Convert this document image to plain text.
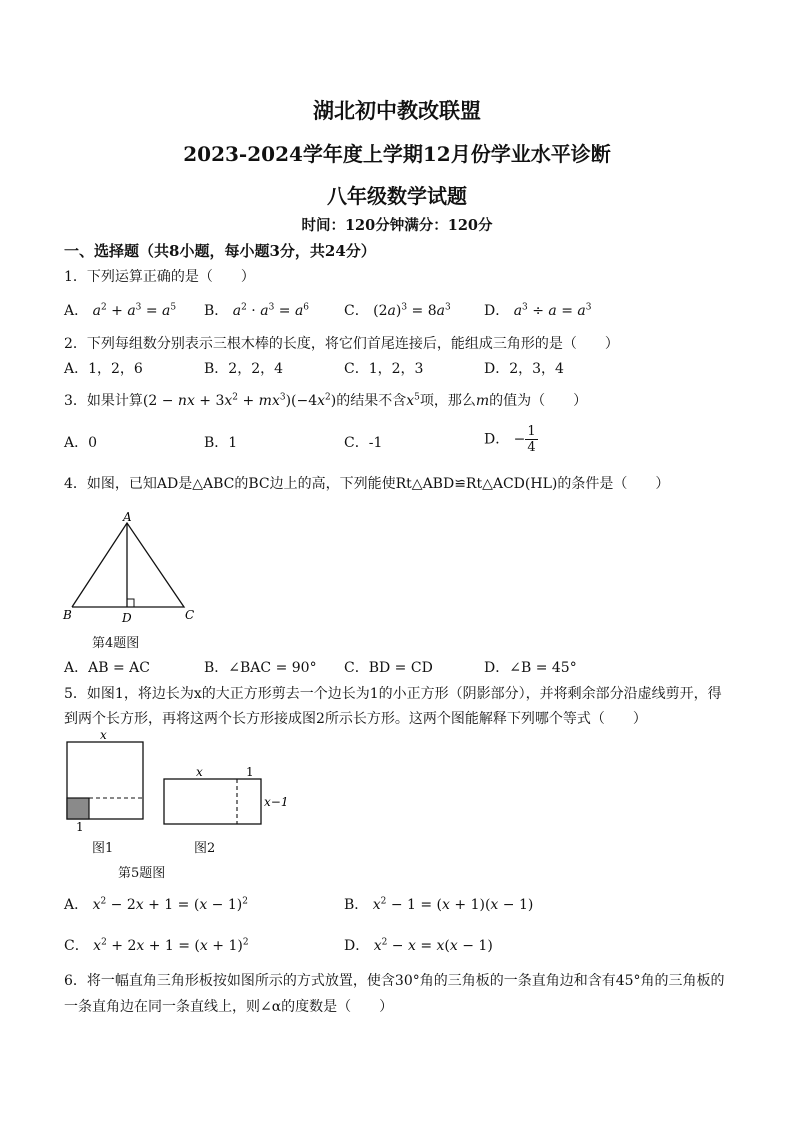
湖北初中教改联盟
2023-2024学年度上学期12月份学业水平诊断
八年级数学试题
时间：120分钟满分：120分
一、选择题（共8小题，每小题3分，共24分）
1．下列运算正确的是（　　）
A． $a^2 + a^3 = a^5$ B． $a^2 \cdot a^3 = a^6$ C． $(2a)^3 = 8a^3$ D． $a^3 \div a = a^3$
2．下列每组数分别表示三根木棒的长度，将它们首尾连接后，能组成三角形的是（　　）
A．1，2，6	B．2，2，4	C．1，2，3	D．2，3，4
3．如果计算(2 − nx + $3x^2 + mx^3)(-4x^2)$的结果不含$x^5$项，那么m的值为（　　）
A．0	B．1	C．-1	D． − $\frac{1}{4}$
4．如图，已知AD是△ABC的BC边上的高，下列能使Rt△ABD≌Rt△ACD(HL)的条件是（　　）
A
B	D	C
第4题图
A．AB = AC	B．∠BAC = 90° C．BD = CD	D．∠B = 45°
5．如图1，将边长为x的大正方形剪去一个边长为1的小正方形（阴影部分），并将剩余部分沿虚线剪开，得
到两个长方形，再将这两个长方形接成图2所示长方形。这两个图能解释下列哪个等式（　　）
x
1
x	1
x−1
图1	图2
第5题图
A． $x^2 - 2x + 1 = (x - 1)^2$	B． $x^2 - 1 = (x + 1)(x - 1)$
C． $x^2 + 2x + 1 = (x + 1)^2$	D． $x^2 - x = x(x - 1)$
6．将一幅直角三角形板按如图所示的方式放置，使含30°角的三角板的一条直角边和含有45°角的三角板的
一条直角边在同一条直线上，则∠α的度数是（　　）
